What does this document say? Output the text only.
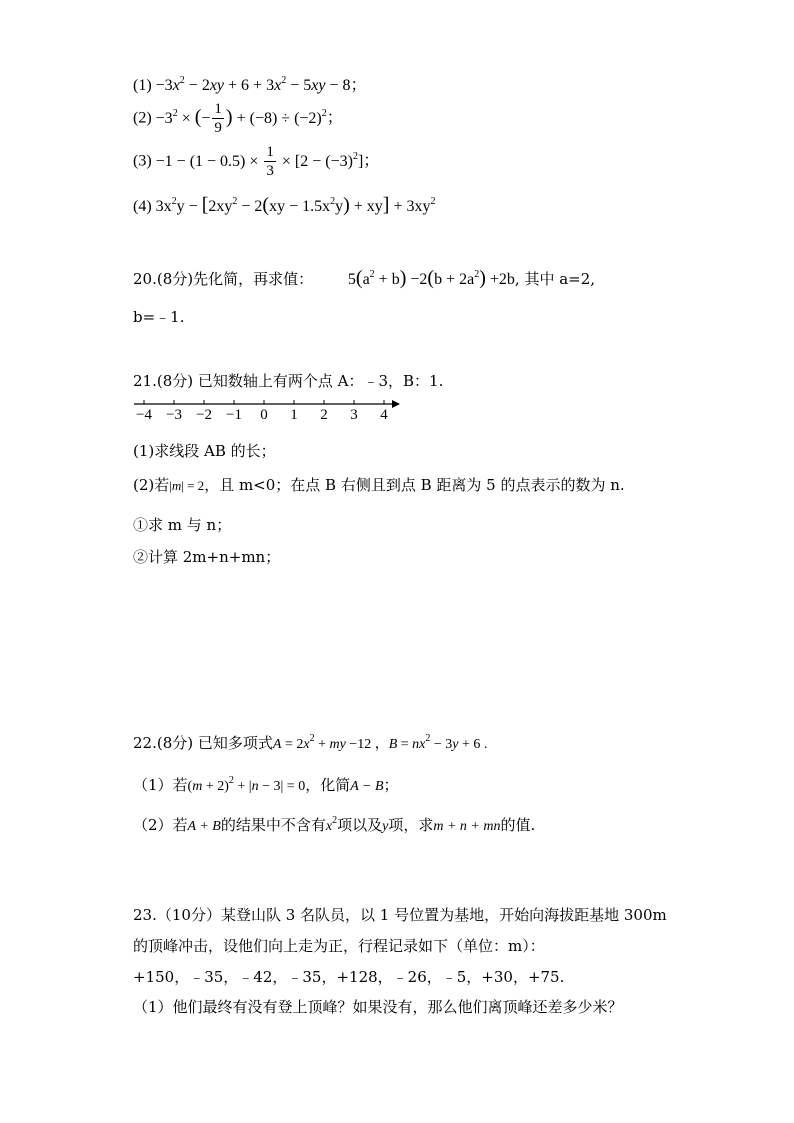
$(1) -3x^2 - 2xy + 6 + 3x^2 - 5xy - 8$；
$(2) -3^2$ × (− $\frac{1}{9}$ ) + $(-8) \div (-2)^2$；
$(3) -1 - (1 - 0.5) \times \frac{1}{3} \times [2 - (-3)^2]$；
(4) $3x^2y - [2xy^2 - 2(xy - 1.5x^2y) + xy] + 3xy^2$
20.(8分)先化简，再求值： $5(a^2 + b) -2(b + 2a^2) +2b$, 其中 a=2,
b=﹣1.
21.(8分) 已知数轴上有两个点 A：﹣3，B：1.
−4 −3 −2 −1 0 1 2 3 4
(1)求线段 AB 的长；
(2)若|m| = 2，且 m<0；在点 B 右侧且到点 B 距离为 5 的点表示的数为 n.
①求 m 与 n；
②计算 2m+n+mn；
22.(8分) 已知多项式$A = 2x^2$ + my −12 ，$B = nx^2 - 3y + 6$ .
（1）若$(m + 2)^2 + |n - 3| = 0$，化简A − B；
（2）若A + B的结果中不含有$x^2$项以及y项，求m + n + mn的值.
23.（10分）某登山队 3 名队员，以 1 号位置为基地，开始向海拔距基地 300m
的顶峰冲击，设他们向上走为正，行程记录如下（单位：m）：
+150，﹣35，﹣42，﹣35，+128，﹣26，﹣5，+30，+75.
（1）他们最终有没有登上顶峰？如果没有，那么他们离顶峰还差多少米？
